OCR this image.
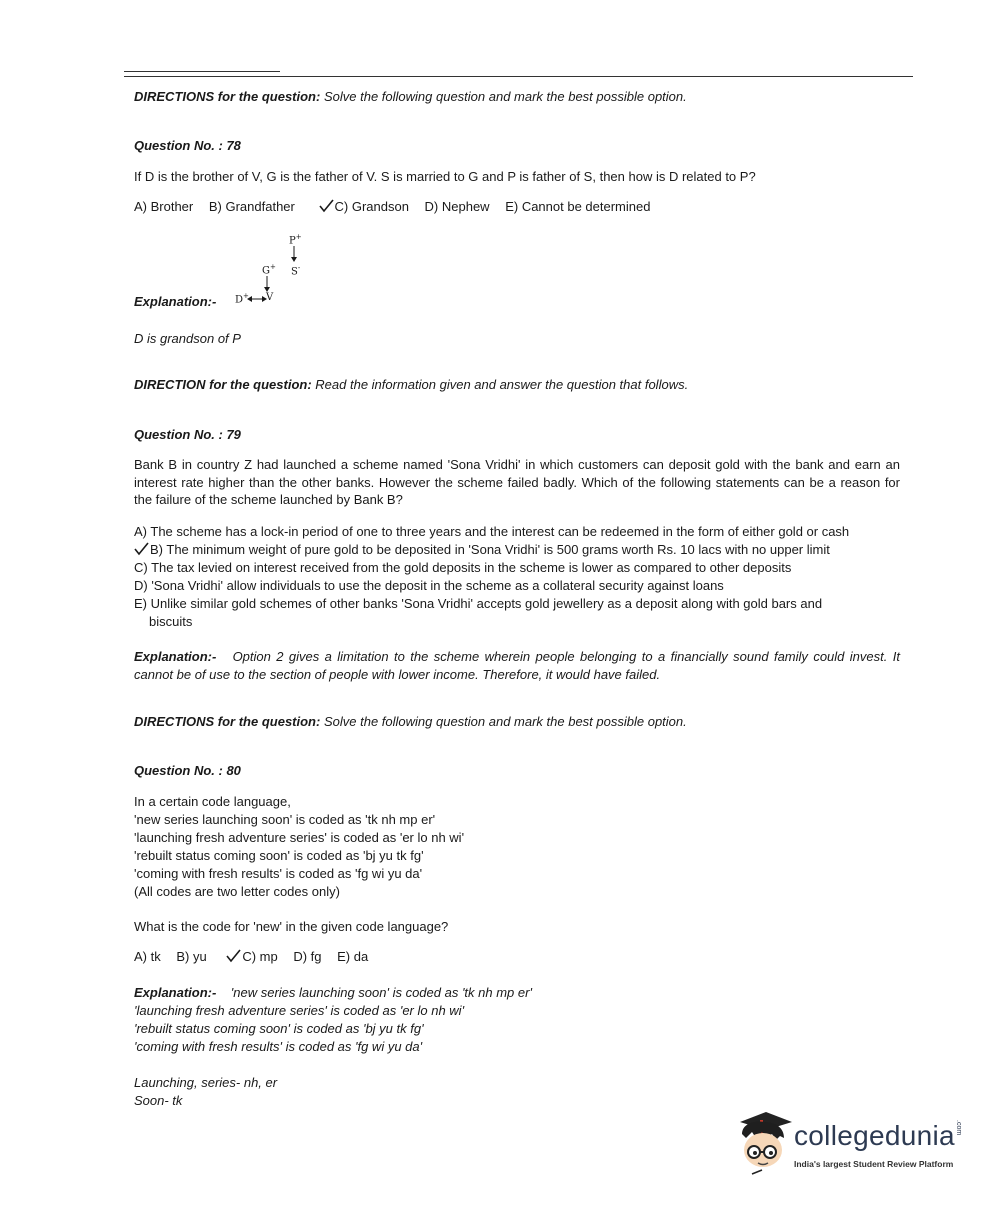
DIRECTIONS for the question: Solve the following question and mark the best possible option.
Question No. : 78
If D is the brother of V, G is the father of V. S is married to G and P is father of S, then how is D related to P?
A) Brother B) Grandfather	C) Grandson D) Nephew E) Cannot be determined
P+
S-
G+
D+ V
Explanation:-
D is grandson of P
DIRECTION for the question: Read the information given and answer the question that follows.
Question No. : 79
Bank B in country Z had launched a scheme named 'Sona Vridhi' in which customers can deposit gold with the bank and earn an interest rate higher than the other banks. However the scheme failed badly. Which of the following statements can be a reason for the failure of the scheme launched by Bank B?
A) The scheme has a lock-in period of one to three years and the interest can be redeemed in the form of either gold or cash
B) The minimum weight of pure gold to be deposited in 'Sona Vridhi' is 500 grams worth Rs. 10 lacs with no upper limit
C) The tax levied on interest received from the gold deposits in the scheme is lower as compared to other deposits
D) 'Sona Vridhi' allow individuals to use the deposit in the scheme as a collateral security against loans
E) Unlike similar gold schemes of other banks 'Sona Vridhi' accepts gold jewellery as a deposit along with gold bars and
biscuits
Explanation:- Option 2 gives a limitation to the scheme wherein people belonging to a financially sound family could invest. It cannot be of use to the section of people with lower income. Therefore, it would have failed.
DIRECTIONS for the question: Solve the following question and mark the best possible option.
Question No. : 80
In a certain code language,
'new series launching soon' is coded as 'tk nh mp er'
'launching fresh adventure series' is coded as 'er lo nh wi'
'rebuilt status coming soon' is coded as 'bj yu tk fg'
'coming with fresh results' is coded as 'fg wi yu da'
(All codes are two letter codes only)
What is the code for 'new' in the given code language?
A) tk B) yu	C) mp D) fg E) da
Explanation:- 'new series launching soon' is coded as 'tk nh mp er'
'launching fresh adventure series' is coded as 'er lo nh wi'
'rebuilt status coming soon' is coded as 'bj yu tk fg'
'coming with fresh results' is coded as 'fg wi yu da'
Launching, series- nh, er
Soon- tk
collegedunia.com
India's largest Student Review Platform
